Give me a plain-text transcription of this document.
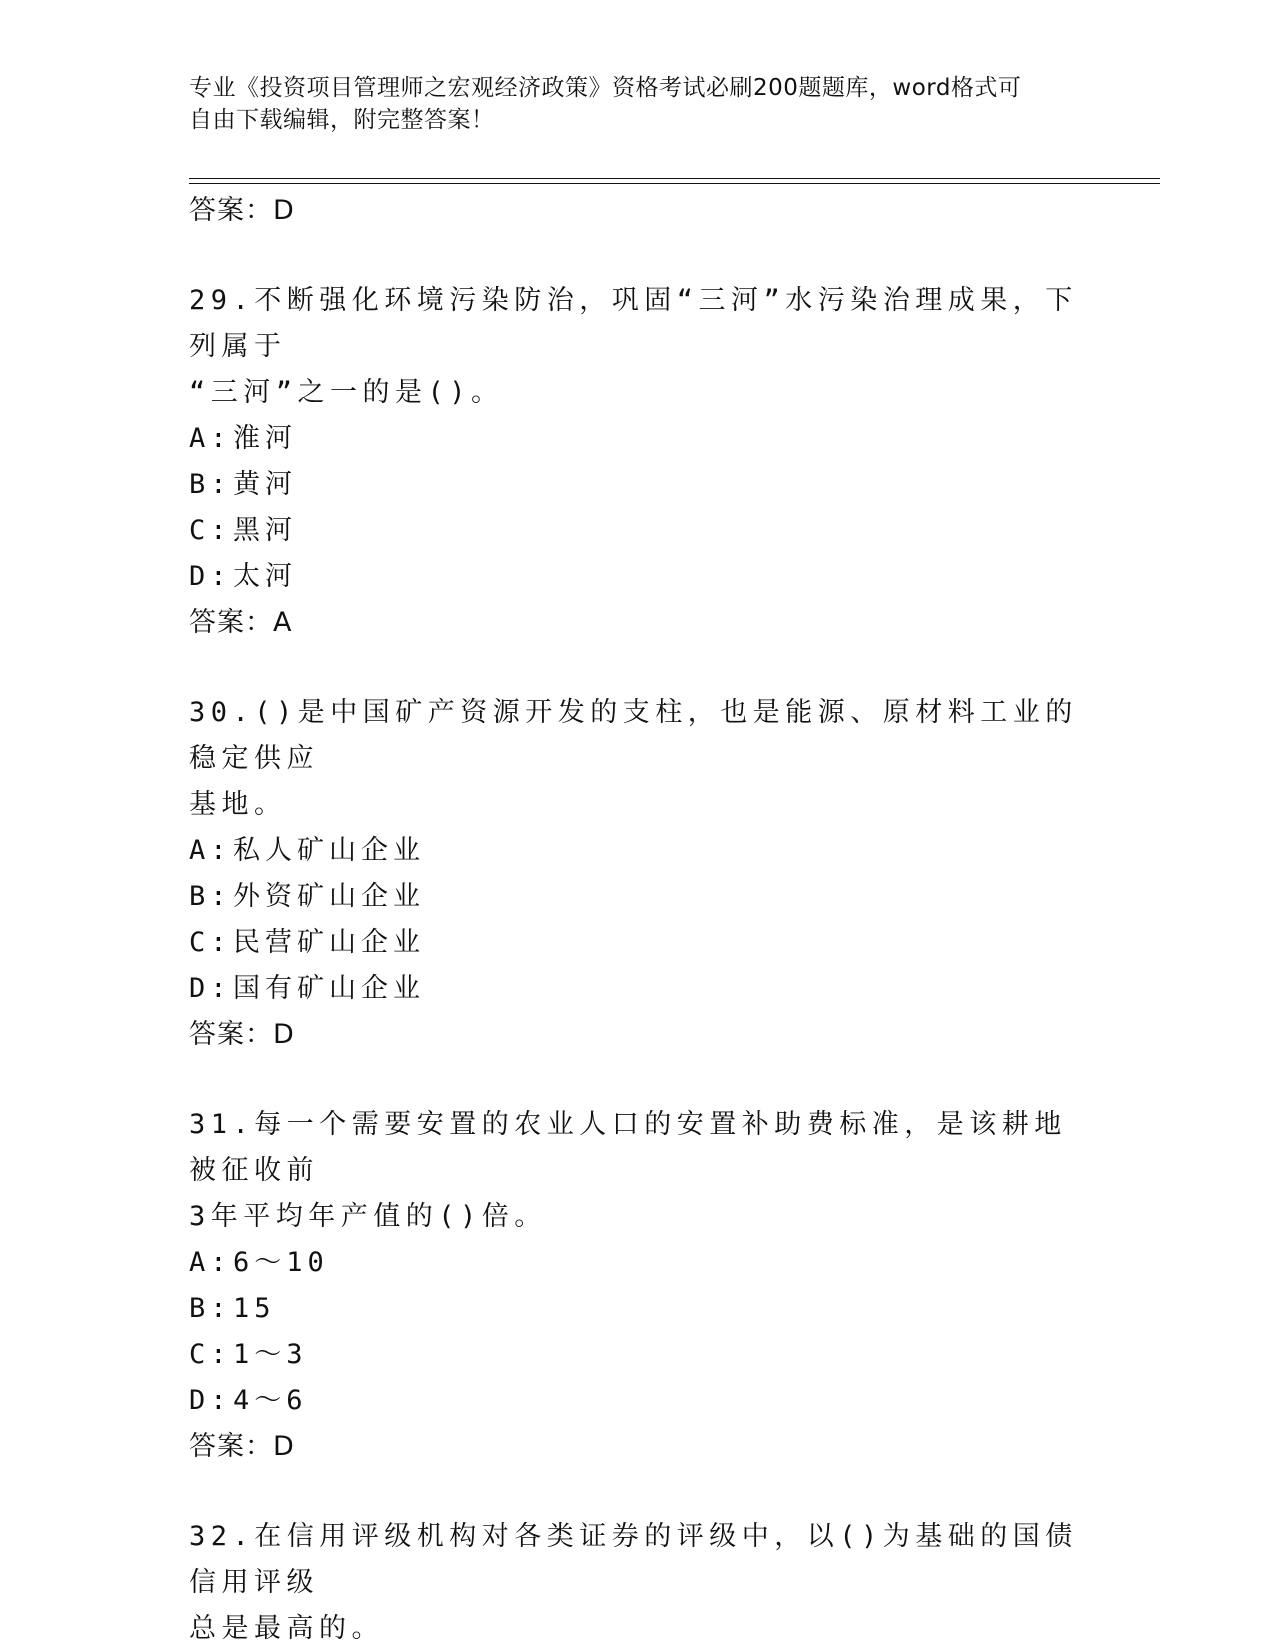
专业《投资项目管理师之宏观经济政策》资格考试必刷200题题库，word格式可
自由下载编辑，附完整答案！
答案：D
29.不断强化环境污染防治，巩固“三河”水污染治理成果，下列属于
“三河”之一的是()。
A:淮河
B:黄河
C:黑河
D:太河
答案：A
30.()是中国矿产资源开发的支柱，也是能源、原材料工业的稳定供应
基地。
A:私人矿山企业
B:外资矿山企业
C:民营矿山企业
D:国有矿山企业
答案：D
31.每一个需要安置的农业人口的安置补助费标准，是该耕地被征收前
3年平均年产值的()倍。
A:6～10
B:15
C:1～3
D:4～6
答案：D
32.在信用评级机构对各类证券的评级中，以()为基础的国债信用评级
总是最高的。
